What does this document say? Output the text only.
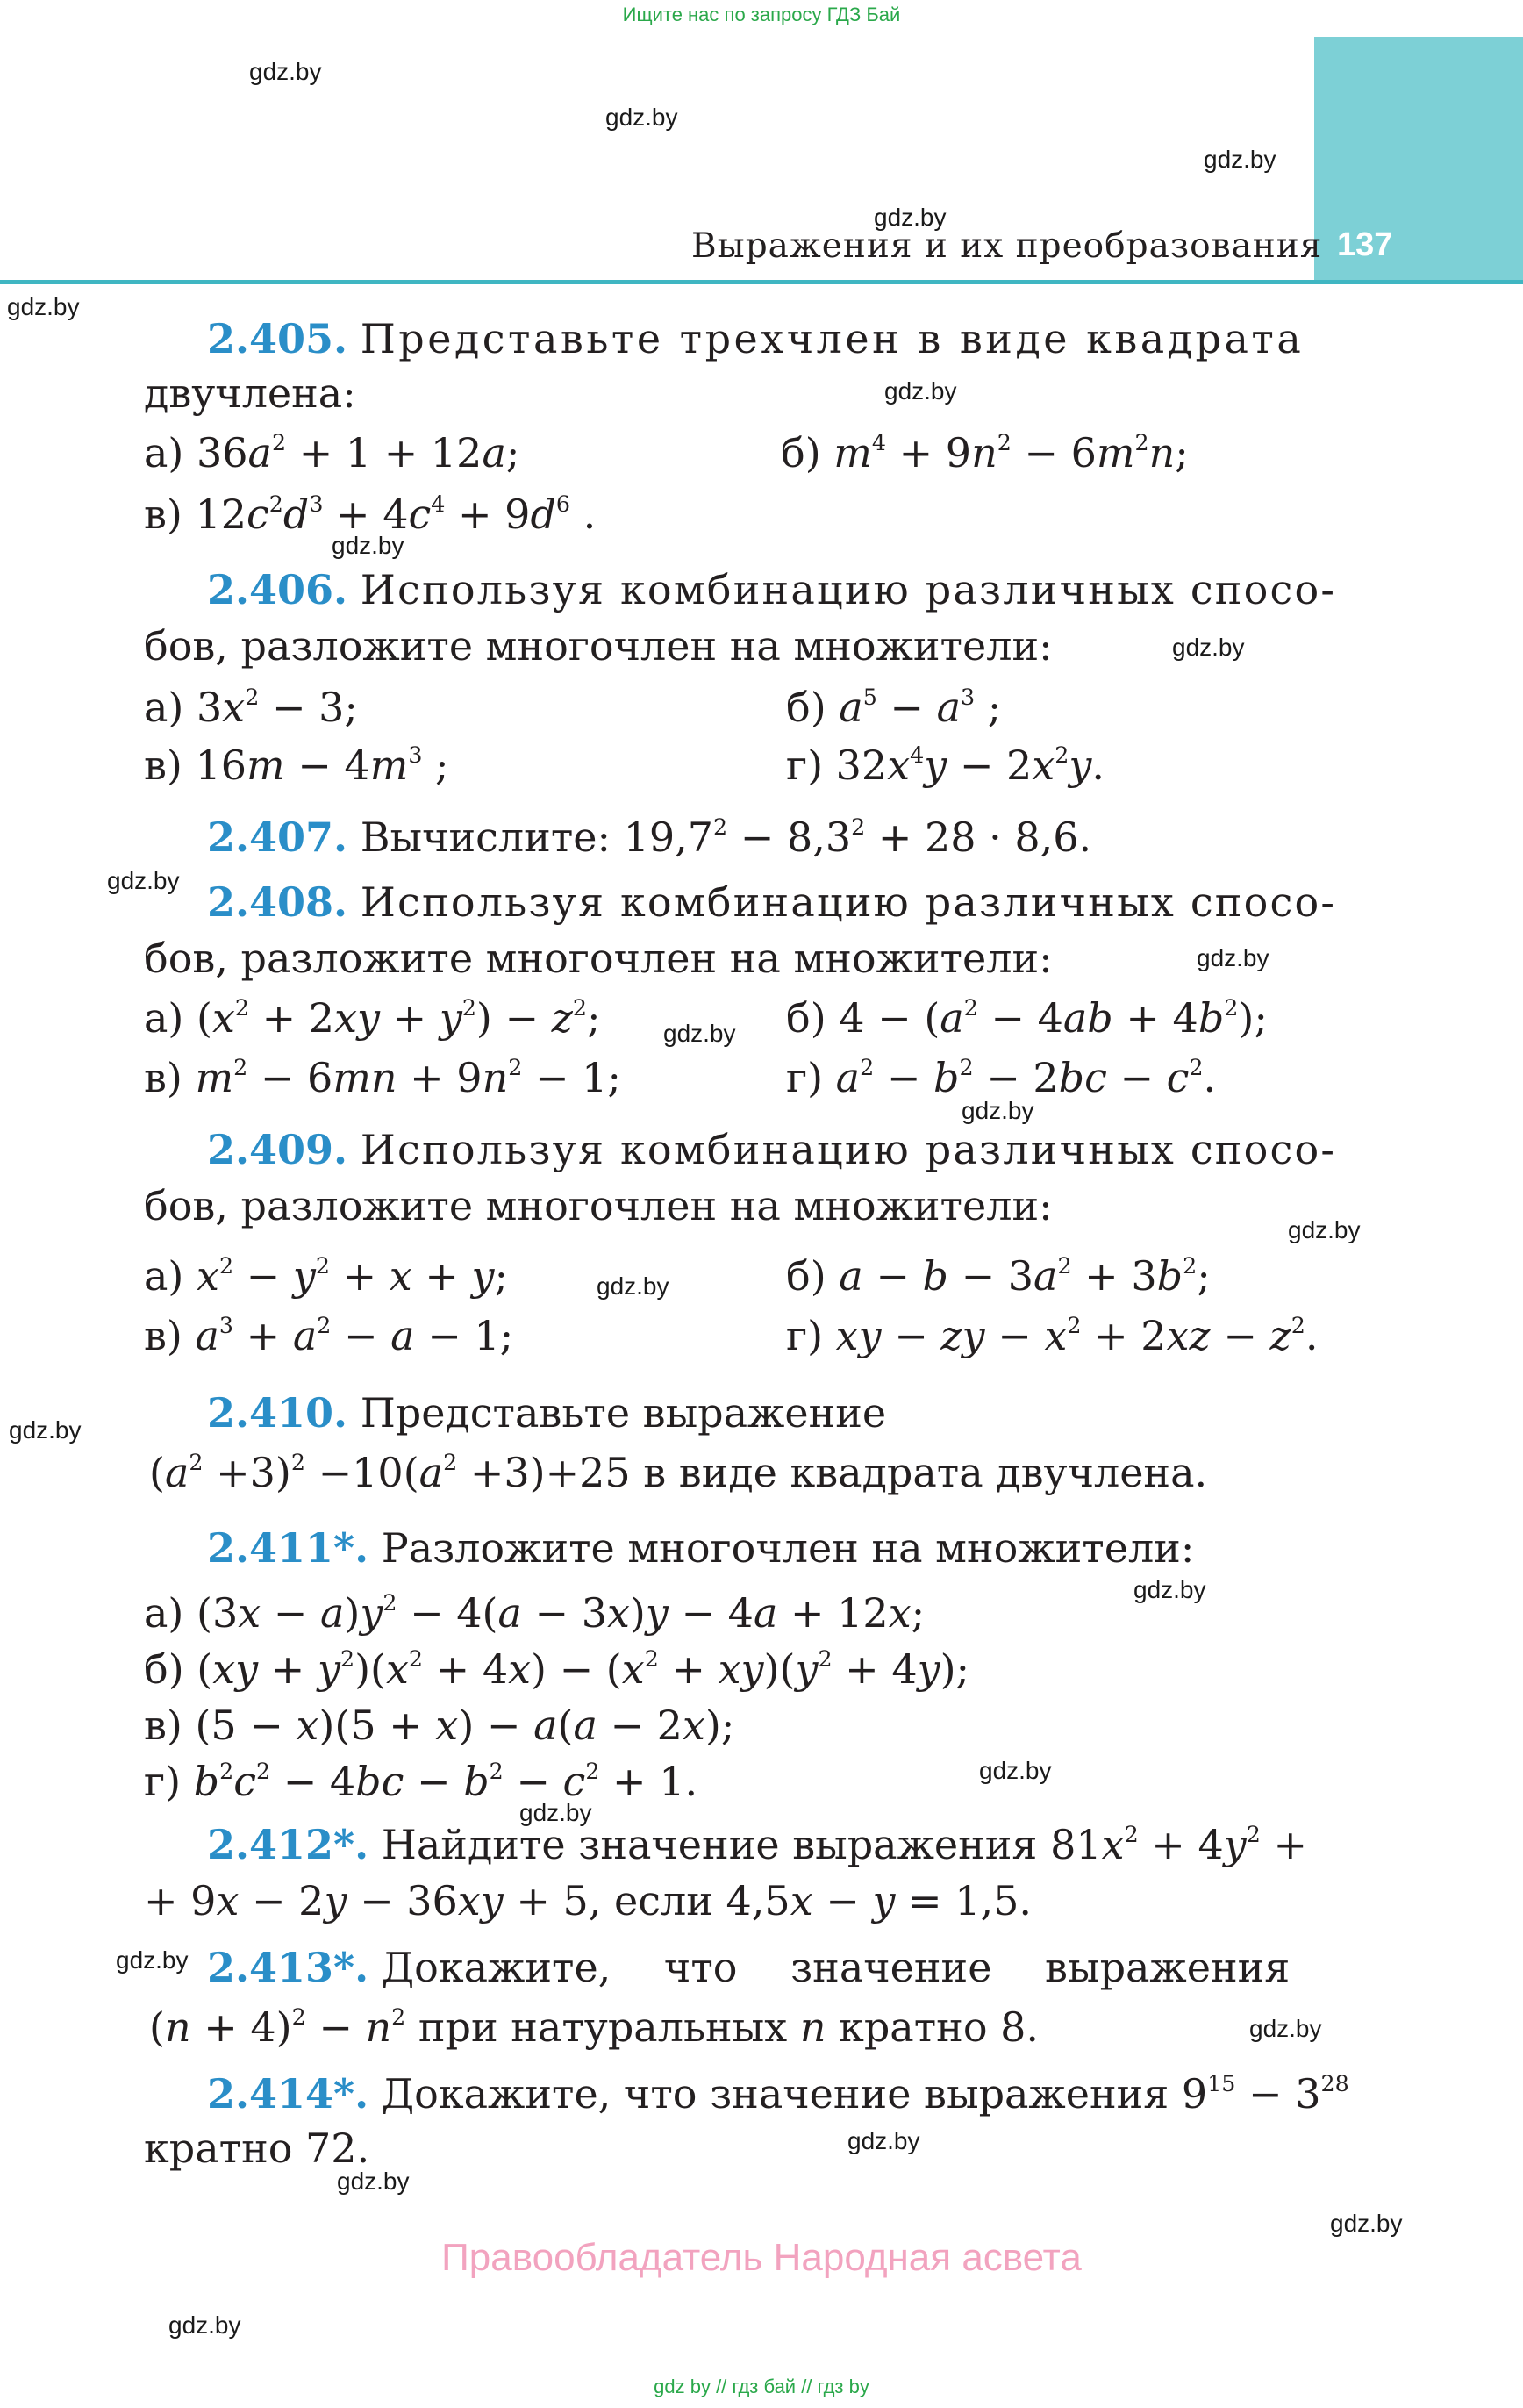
Ищите нас по запросу ГДЗ Бай
gdz.by
gdz.by
gdz.by
gdz.by
gdz.by
gdz.by
gdz.by
gdz.by
gdz.by
gdz.by
gdz.by
gdz.by
gdz.by
gdz.by
gdz.by
gdz.by
gdz.by
gdz.by
gdz.by
gdz.by
gdz.by
gdz.by
gdz.by
gdz.by
137
Выражения и их преобразования
2.405. Представьте трехчлен в виде квадрата
двучлена:
а) $36a^2 + 1 + 12a$;	б) $m^4 + 9n^2 - 6m^2n$;
в) $12c^2d^3 + 4c^4 + 9d^6$ .
2.406. Используя комбинацию различных спосо-
бов, разложите многочлен на множители:
а) $3x^2 - 3$;	б) $a^5 - a^3$ ;
в) $16m - 4m^3$ ;	г) $32x^4y - 2x^2y$.
2.407. Вычислите: $19,7^2 - 8,3^2 + 28 \cdot 8,6$.
2.408. Используя комбинацию различных спосо-
бов, разложите многочлен на множители:
а) $(x^2 + 2xy + y^2) - z^2$;	б) $4 - (a^2 - 4ab + 4b^2)$;
в) $m^2 - 6mn + 9n^2 - 1$;	г) $a^2 - b^2 - 2bc - c^2$.
2.409. Используя комбинацию различных спосо-
бов, разложите многочлен на множители:
а) $x^2 - y^2 + x + y$;	б) $a - b - 3a^2 + 3b^2$;
в) $a^3 + a^2 - a - 1$;	г) xy − zy − $x^2 + 2xz - z^2$.
2.410. Представьте выражение
$(a^2 +3)^2 -10(a^2 +3)+25$ в виде квадрата двучлена.
2.411*. Разложите многочлен на множители:
а) $(3x - a)y^2 - 4(a - 3x)y - 4a + 12x$;
б) $(xy + y^2)(x^2 + 4x) - (x^2 + xy)(y^2 + 4y)$;
в) (5 − x)(5 + x) − a(a − 2x);
г) $b^2c^2 - 4bc - b^2 - c^2 + 1$.
2.412*. Найдите значение выражения $81x^2 + 4y^2$ +
+ 9x − 2y − 36xy + 5, если 4,5x − y = 1,5.
2.413*. Докажите, что значение выражения
$(n + 4)^2 - n^2$ при натуральных n кратно 8.
2.414*. Докажите, что значение выражения $9^{15} - 3^{28}$
кратно 72.
Правообладатель Народная асвета
gdz by // гдз бай // гдз by
